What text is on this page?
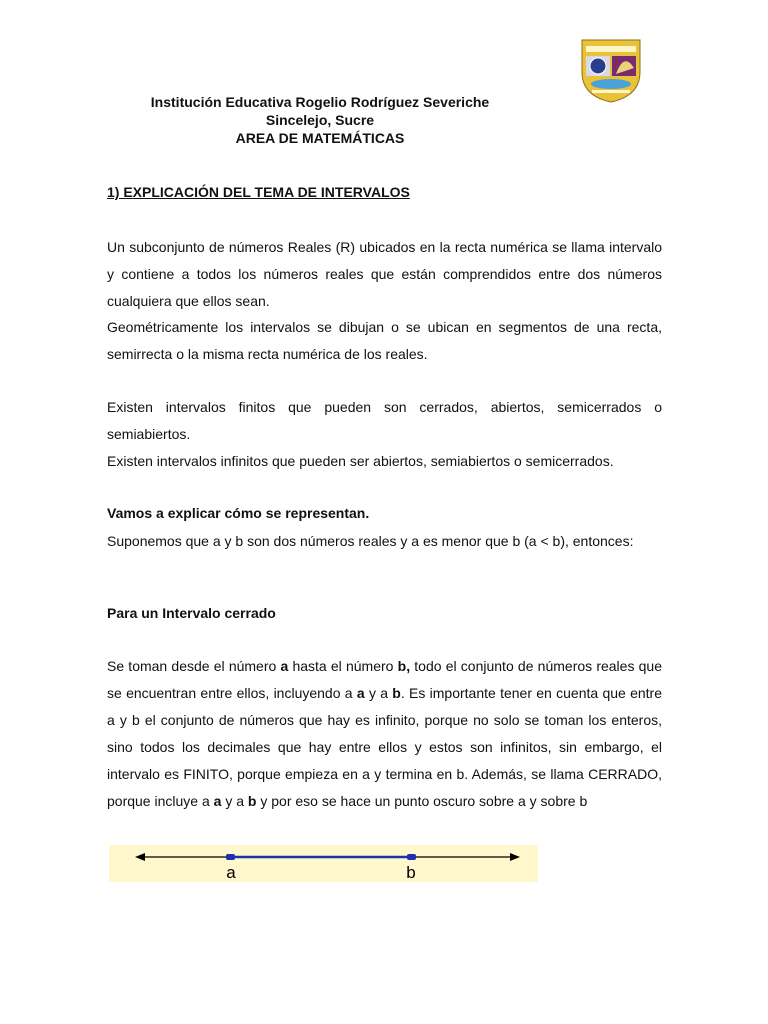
Institución Educativa Rogelio Rodríguez Severiche
Sincelejo, Sucre
AREA DE MATEMÁTICAS
1) EXPLICACIÓN DEL TEMA DE INTERVALOS

Un subconjunto de números Reales (R) ubicados en la recta numérica se llama intervalo y contiene a todos los números reales que están comprendidos entre dos números cualquiera que ellos sean.

Geométricamente los intervalos se dibujan o se ubican en segmentos de una recta, semirrecta o la misma recta numérica de los reales.

Existen intervalos finitos que pueden son cerrados, abiertos, semicerrados o semiabiertos.

Existen intervalos infinitos que pueden ser abiertos, semiabiertos o semicerrados.

Vamos a explicar cómo se representan.

Suponemos que a y b son dos números reales y a es menor que b (a < b), entonces:

Para un Intervalo cerrado

Se toman desde el número a hasta el número b, todo el conjunto de números reales que se encuentran entre ellos, incluyendo a a y a b. Es importante tener en cuenta que entre a y b el conjunto de números que hay es infinito, porque no solo se toman los enteros, sino todos los decimales que hay entre ellos y estos son infinitos, sin embargo, el intervalo es FINITO, porque empieza en a y termina en b. Además, se llama CERRADO, porque incluye a a y a b y por eso se hace un punto oscuro sobre a y sobre b

a	b
